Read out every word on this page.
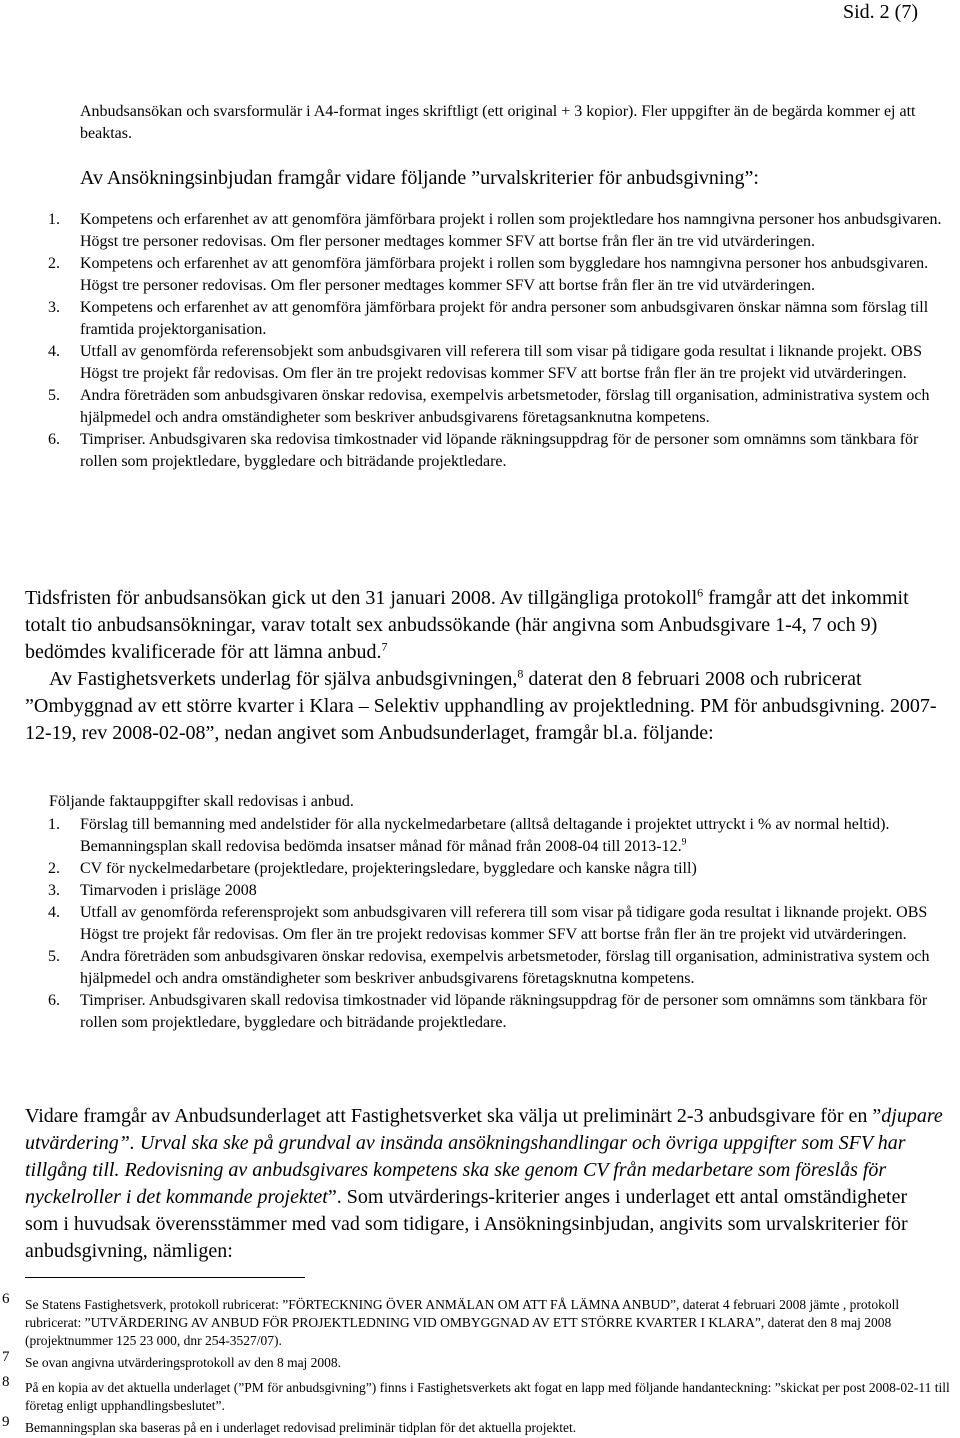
Sid. 2 (7)

Anbudsansökan och svarsformulär i A4-format inges skriftligt (ett original + 3 kopior). Fler uppgifter än de begärda kommer ej att beaktas.

Av Ansökningsinbjudan framgår vidare följande ”urvalskriterier för anbudsgivning”:

1.	Kompetens och erfarenhet av att genomföra jämförbara projekt i rollen som projektledare hos namngivna personer hos anbudsgivaren. Högst tre personer redovisas. Om fler personer medtages kommer SFV att bortse från fler än tre vid utvärderingen.
2.	Kompetens och erfarenhet av att genomföra jämförbara projekt i rollen som byggledare hos namngivna personer hos anbudsgivaren. Högst tre personer redovisas. Om fler personer medtages kommer SFV att bortse från fler än tre vid utvärderingen.
3.	Kompetens och erfarenhet av att genomföra jämförbara projekt för andra personer som anbudsgivaren önskar nämna som förslag till framtida projektorganisation.
4.	Utfall av genomförda referensobjekt som anbudsgivaren vill referera till som visar på tidigare goda resultat i liknande projekt. OBS Högst tre projekt får redovisas. Om fler än tre projekt redovisas kommer SFV att bortse från fler än tre projekt vid utvärderingen.
5.	Andra företräden som anbudsgivaren önskar redovisa, exempelvis arbetsmetoder, förslag till organisation, administrativa system och hjälpmedel och andra omständigheter som beskriver anbudsgivarens företagsanknutna kompetens.
6.	Timpriser. Anbudsgivaren ska redovisa timkostnader vid löpande räkningsuppdrag för de personer som omnämns som tänkbara för rollen som projektledare, byggledare och biträdande projektledare.

Tidsfristen för anbudsansökan gick ut den 31 januari 2008. Av tillgängliga protokoll$^6$ framgår att det inkommit totalt tio anbudsansökningar, varav totalt sex anbudssökande (här angivna som Anbudsgivare 1-4, 7 och 9) bedömdes kvalificerade för att lämna anbud.$^7$

Av Fastighetsverkets underlag för själva anbudsgivningen,$^8$ daterat den 8 februari 2008 och rubricerat ”Ombyggnad av ett större kvarter i Klara – Selektiv upphandling av projektledning. PM för anbudsgivning. 2007-12-19, rev 2008-02-08”, nedan angivet som Anbudsunderlaget, framgår bl.a. följande:

Följande faktauppgifter skall redovisas i anbud.

1.	Förslag till bemanning med andelstider för alla nyckelmedarbetare (alltså deltagande i projektet uttryckt i % av normal heltid). Bemanningsplan skall redovisa bedömda insatser månad för månad från 2008-04 till 2013-12.$^9$
2.	CV för nyckelmedarbetare (projektledare, projekteringsledare, byggledare och kanske några till)
3.	Timarvoden i prisläge 2008
4.	Utfall av genomförda referensprojekt som anbudsgivaren vill referera till som visar på tidigare goda resultat i liknande projekt. OBS Högst tre projekt får redovisas. Om fler än tre projekt redovisas kommer SFV att bortse från fler än tre projekt vid utvärderingen.
5.	Andra företräden som anbudsgivaren önskar redovisa, exempelvis arbetsmetoder, förslag till organisation, administrativa system och hjälpmedel och andra omständigheter som beskriver anbudsgivarens företagsknutna kompetens.
6.	Timpriser. Anbudsgivaren skall redovisa timkostnader vid löpande räkningsuppdrag för de personer som omnämns som tänkbara för rollen som projektledare, byggledare och biträdande projektledare.

Vidare framgår av Anbudsunderlaget att Fastighetsverket ska välja ut preliminärt 2-3 anbudsgivare för en ”djupare utvärdering”. Urval ska ske på grundval av insända ansökningshandlingar och övriga uppgifter som SFV har tillgång till. Redovisning av anbudsgivares kompetens ska ske genom CV från medarbetare som föreslås för nyckelroller i det kommande projektet”. Som utvärderings-kriterier anges i underlaget ett antal omständigheter som i huvudsak överensstämmer med vad som tidigare, i Ansökningsinbjudan, angivits som urvalskriterier för anbudsgivning, nämligen:

6 Se Statens Fastighetsverk, protokoll rubricerat: ”FÖRTECKNING ÖVER ANMÄLAN OM ATT FÅ LÄMNA ANBUD”, daterat 4 februari 2008 jämte , protokoll rubricerat: ”UTVÄRDERING AV ANBUD FÖR PROJEKTLEDNING VID OMBYGGNAD AV ETT STÖRRE KVARTER I KLARA”, daterat den 8 maj 2008 (projektnummer 125 23 000, dnr 254-3527/07).
7 Se ovan angivna utvärderingsprotokoll av den 8 maj 2008.
8 På en kopia av det aktuella underlaget (”PM för anbudsgivning”) finns i Fastighetsverkets akt fogat en lapp med följande handanteckning: ”skickat per post 2008-02-11 till företag enligt upphandlingsbeslutet”.
9 Bemanningsplan ska baseras på en i underlaget redovisad preliminär tidplan för det aktuella projektet.
